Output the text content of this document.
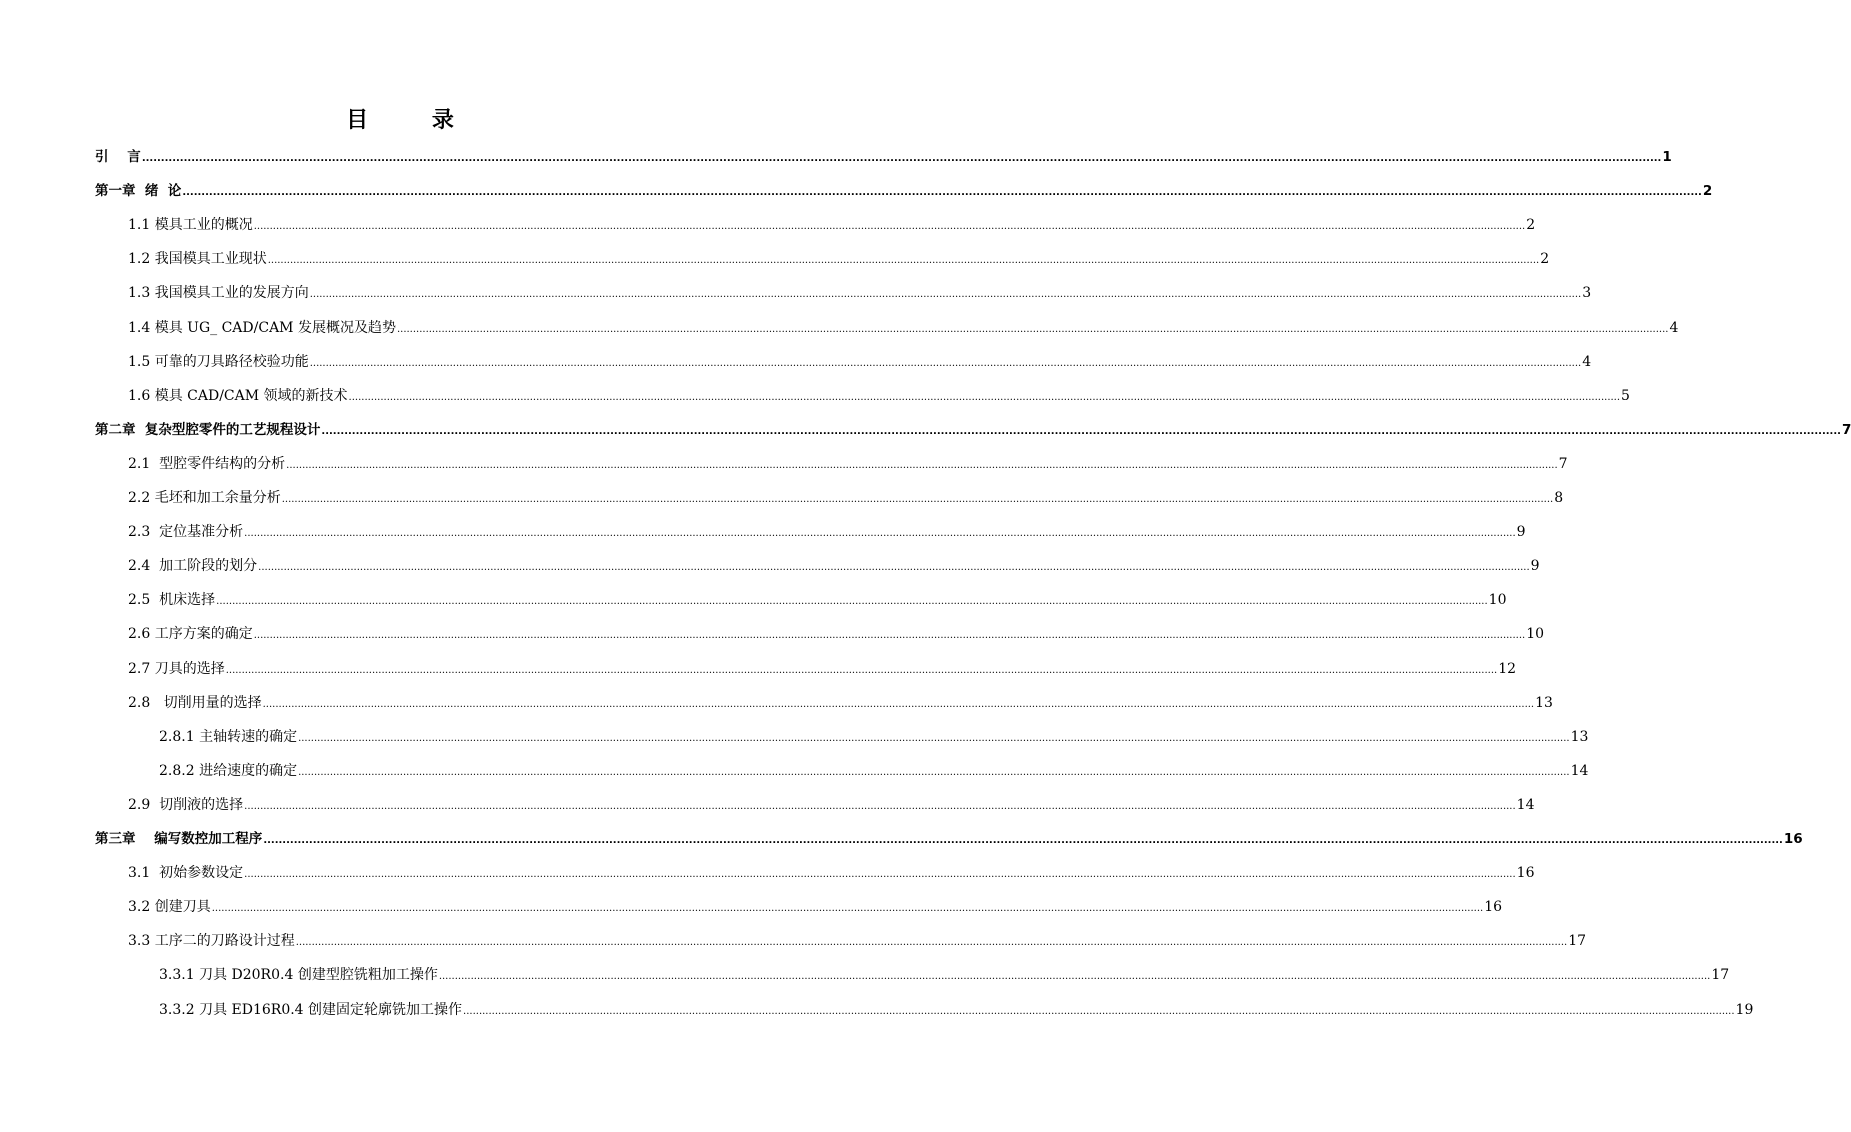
目 录
引    言 ................................................................................................................................................................................................................................................................................................................................................................................................................ 1
第一章  绪  论 ................................................................................................................................................................................................................................................................................................................................................................................................................ 2
1.1 模具工业的概况 ................................................................................................................................................................................................................................................................................................................................................................................................................ 2
1.2 我国模具工业现状 ................................................................................................................................................................................................................................................................................................................................................................................................................ 2
1.3 我国模具工业的发展方向 ................................................................................................................................................................................................................................................................................................................................................................................................................ 3
1.4 模具 UG_ CAD/CAM 发展概况及趋势 ................................................................................................................................................................................................................................................................................................................................................................................................................ 4
1.5 可靠的刀具路径校验功能 ................................................................................................................................................................................................................................................................................................................................................................................................................ 4
1.6 模具 CAD/CAM 领域的新技术 ................................................................................................................................................................................................................................................................................................................................................................................................................ 5
第二章  复杂型腔零件的工艺规程设计 ................................................................................................................................................................................................................................................................................................................................................................................................................ 7
2.1  型腔零件结构的分析 ................................................................................................................................................................................................................................................................................................................................................................................................................ 7
2.2 毛坯和加工余量分析 ................................................................................................................................................................................................................................................................................................................................................................................................................ 8
2.3  定位基准分析 ................................................................................................................................................................................................................................................................................................................................................................................................................ 9
2.4  加工阶段的划分 ................................................................................................................................................................................................................................................................................................................................................................................................................ 9
2.5  机床选择 ................................................................................................................................................................................................................................................................................................................................................................................................................ 10
2.6 工序方案的确定 ................................................................................................................................................................................................................................................................................................................................................................................................................ 10
2.7 刀具的选择 ................................................................................................................................................................................................................................................................................................................................................................................................................ 12
2.8   切削用量的选择 ................................................................................................................................................................................................................................................................................................................................................................................................................ 13
2.8.1 主轴转速的确定 ................................................................................................................................................................................................................................................................................................................................................................................................................ 13
2.8.2 进给速度的确定 ................................................................................................................................................................................................................................................................................................................................................................................................................ 14
2.9  切削液的选择 ................................................................................................................................................................................................................................................................................................................................................................................................................ 14
第三章    编写数控加工程序 ................................................................................................................................................................................................................................................................................................................................................................................................................ 16
3.1  初始参数设定 ................................................................................................................................................................................................................................................................................................................................................................................................................ 16
3.2 创建刀具 ................................................................................................................................................................................................................................................................................................................................................................................................................ 16
3.3 工序二的刀路设计过程 ................................................................................................................................................................................................................................................................................................................................................................................................................ 17
3.3.1 刀具 D20R0.4 创建型腔铣粗加工操作 ................................................................................................................................................................................................................................................................................................................................................................................................................ 17
3.3.2 刀具 ED16R0.4 创建固定轮廓铣加工操作 ................................................................................................................................................................................................................................................................................................................................................................................................................ 19
